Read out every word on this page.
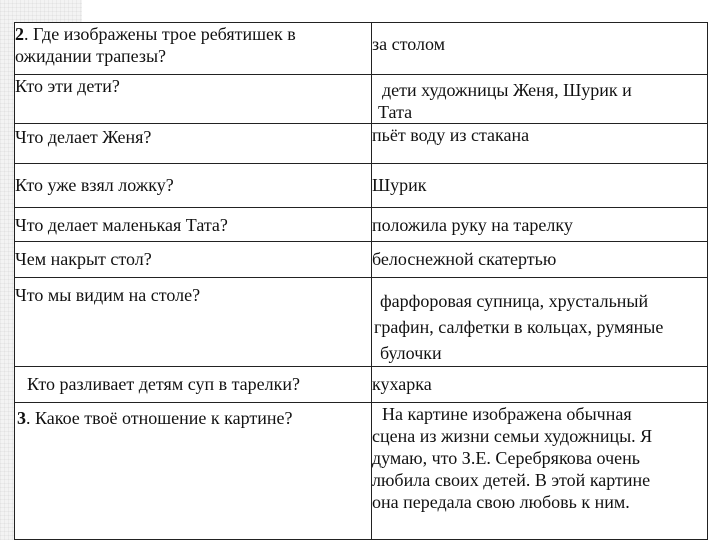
2. Где изображены трое ребятишек в
ожидании трапезы?	за столом

Кто эти дети?	дети художницы Женя, Шурик и
Тата

Что делает Женя?	пьёт воду из стакана

Кто уже взял ложку?	Шурик

Что делает маленькая Тата?	положила руку на тарелку

Чем накрыт стол?	белоснежной скатертью

Что мы видим на столе?	фарфоровая супница, хрустальный
графин, салфетки в кольцах, румяные
булочки

Кто разливает детям суп в тарелки?	кухарка

3. Какое твоё отношение к картине?	На картине изображена обычная
сцена из жизни семьи художницы. Я
думаю, что З.Е. Серебрякова очень
любила своих детей. В этой картине
она передала свою любовь к ним.
